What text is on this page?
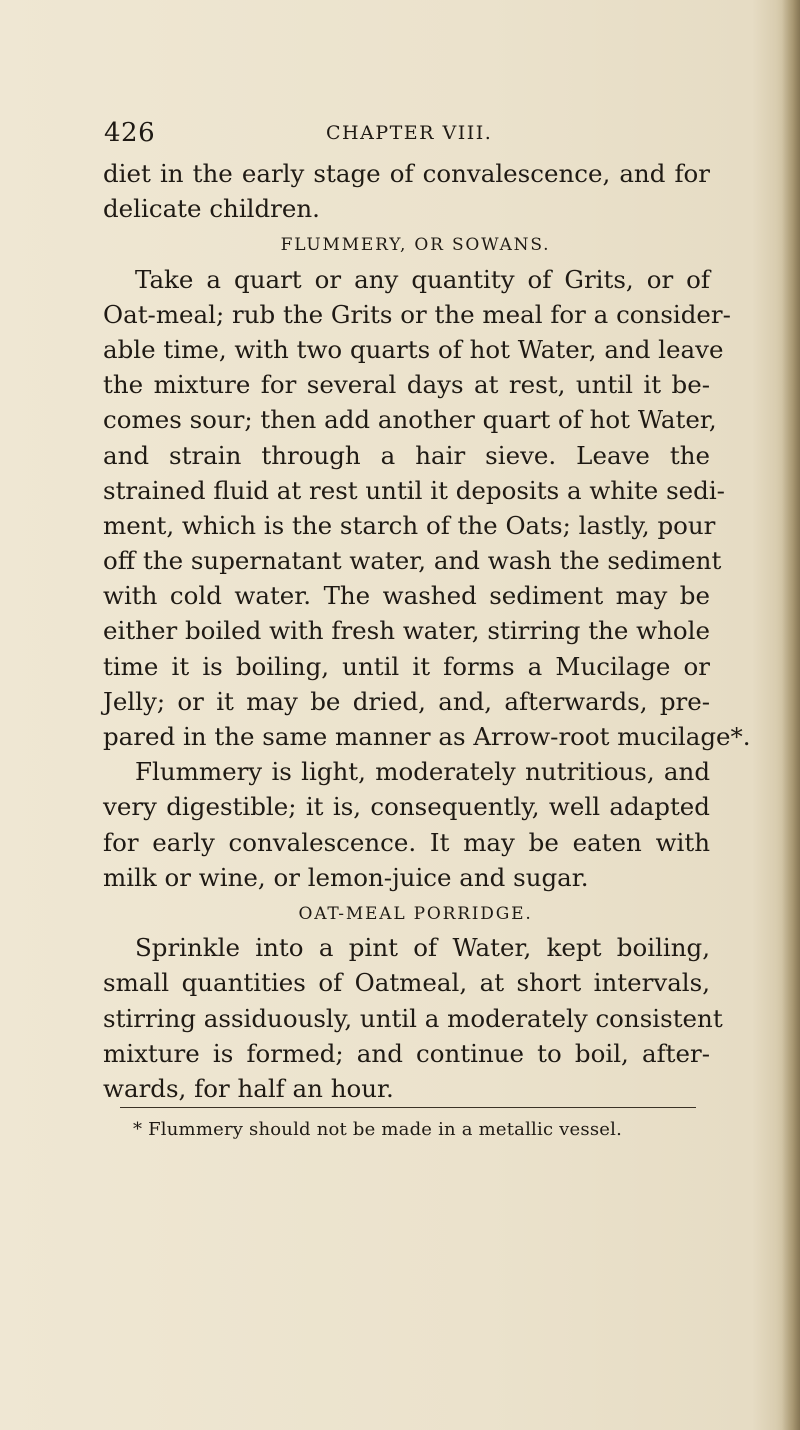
426	CHAPTER VIII.
diet in the early stage of convalescence, and for
delicate children.
FLUMMERY, OR SOWANS.
Take a quart or any quantity of Grits, or of
Oat-meal; rub the Grits or the meal for a consider-
able time, with two quarts of hot Water, and leave
the mixture for several days at rest, until it be-
comes sour; then add another quart of hot Water,
and strain through a hair sieve. Leave the
strained fluid at rest until it deposits a white sedi-
ment, which is the starch of the Oats; lastly, pour
off the supernatant water, and wash the sediment
with cold water. The washed sediment may be
either boiled with fresh water, stirring the whole
time it is boiling, until it forms a Mucilage or
Jelly; or it may be dried, and, afterwards, pre-
pared in the same manner as Arrow-root mucilage*.
Flummery is light, moderately nutritious, and
very digestible; it is, consequently, well adapted
for early convalescence. It may be eaten with
milk or wine, or lemon-juice and sugar.
OAT-MEAL PORRIDGE.
Sprinkle into a pint of Water, kept boiling,
small quantities of Oatmeal, at short intervals,
stirring assiduously, until a moderately consistent
mixture is formed; and continue to boil, after-
wards, for half an hour.
* Flummery should not be made in a metallic vessel.
